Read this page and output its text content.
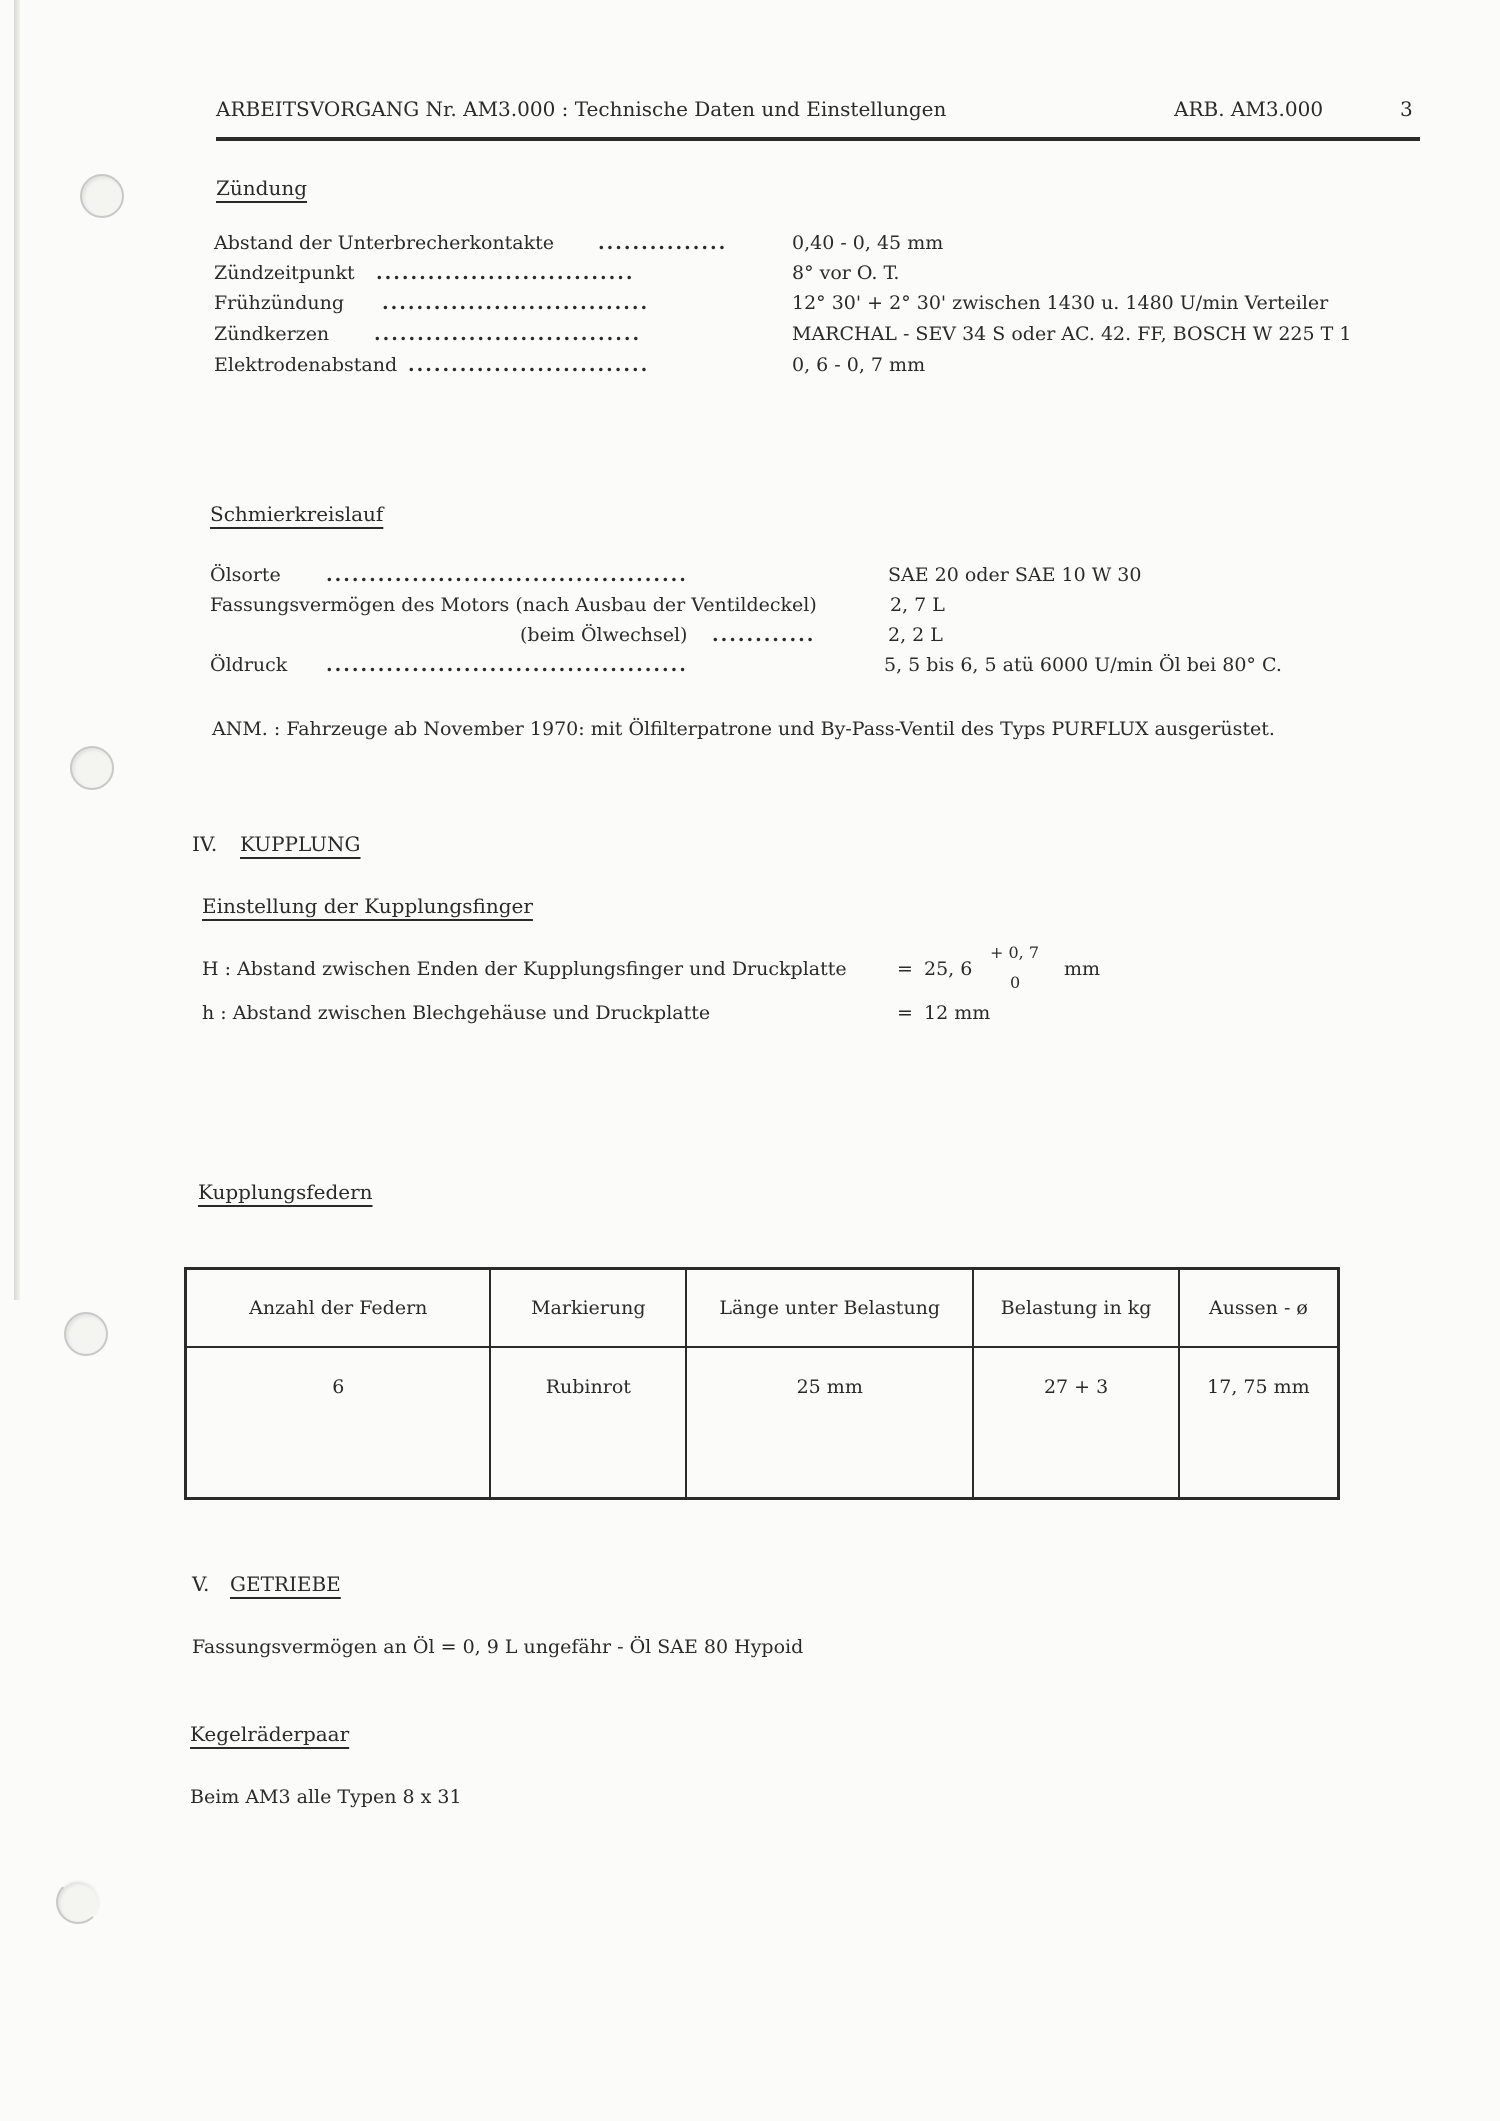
ARBEITSVORGANG Nr. AM3.000 : Technische Daten und Einstellungen	ARB. AM3.000	3
Zündung
Abstand der Unterbrecherkontakte ...............	0,40 - 0, 45 mm
Zündzeitpunkt ..............................	8° vor O. T.
Frühzündung ...............................	12° 30' + 2° 30' zwischen 1430 u. 1480 U/min Verteiler
Zündkerzen ...............................	MARCHAL - SEV 34 S oder AC. 42. FF, BOSCH W 225 T 1
Elektrodenabstand ............................	0, 6 - 0, 7 mm
Schmierkreislauf
Ölsorte ..........................................	SAE 20 oder SAE 10 W 30
Fassungsvermögen des Motors (nach Ausbau der Ventildeckel)	2, 7 L
(beim Ölwechsel) ............	2, 2 L
Öldruck ..........................................	5, 5 bis 6, 5 atü 6000 U/min Öl bei 80° C.
ANM. : Fahrzeuge ab November 1970: mit Ölfilterpatrone und By-Pass-Ventil des Typs PURFLUX ausgerüstet.
IV. KUPPLUNG
Einstellung der Kupplungsfinger
H : Abstand zwischen Enden der Kupplungsfinger und Druckplatte	= 25, 6
+ 0, 7
0
mm
h : Abstand zwischen Blechgehäuse und Druckplatte	= 12 mm
Kupplungsfedern
Anzahl der Federn	Markierung	Länge unter Belastung	Belastung in kg	Aussen - ø
6	Rubinrot	25 mm	27 + 3	17, 75 mm
V. GETRIEBE
Fassungsvermögen an Öl = 0, 9 L ungefähr - Öl SAE 80 Hypoid
Kegelräderpaar
Beim AM3 alle Typen 8 x 31
